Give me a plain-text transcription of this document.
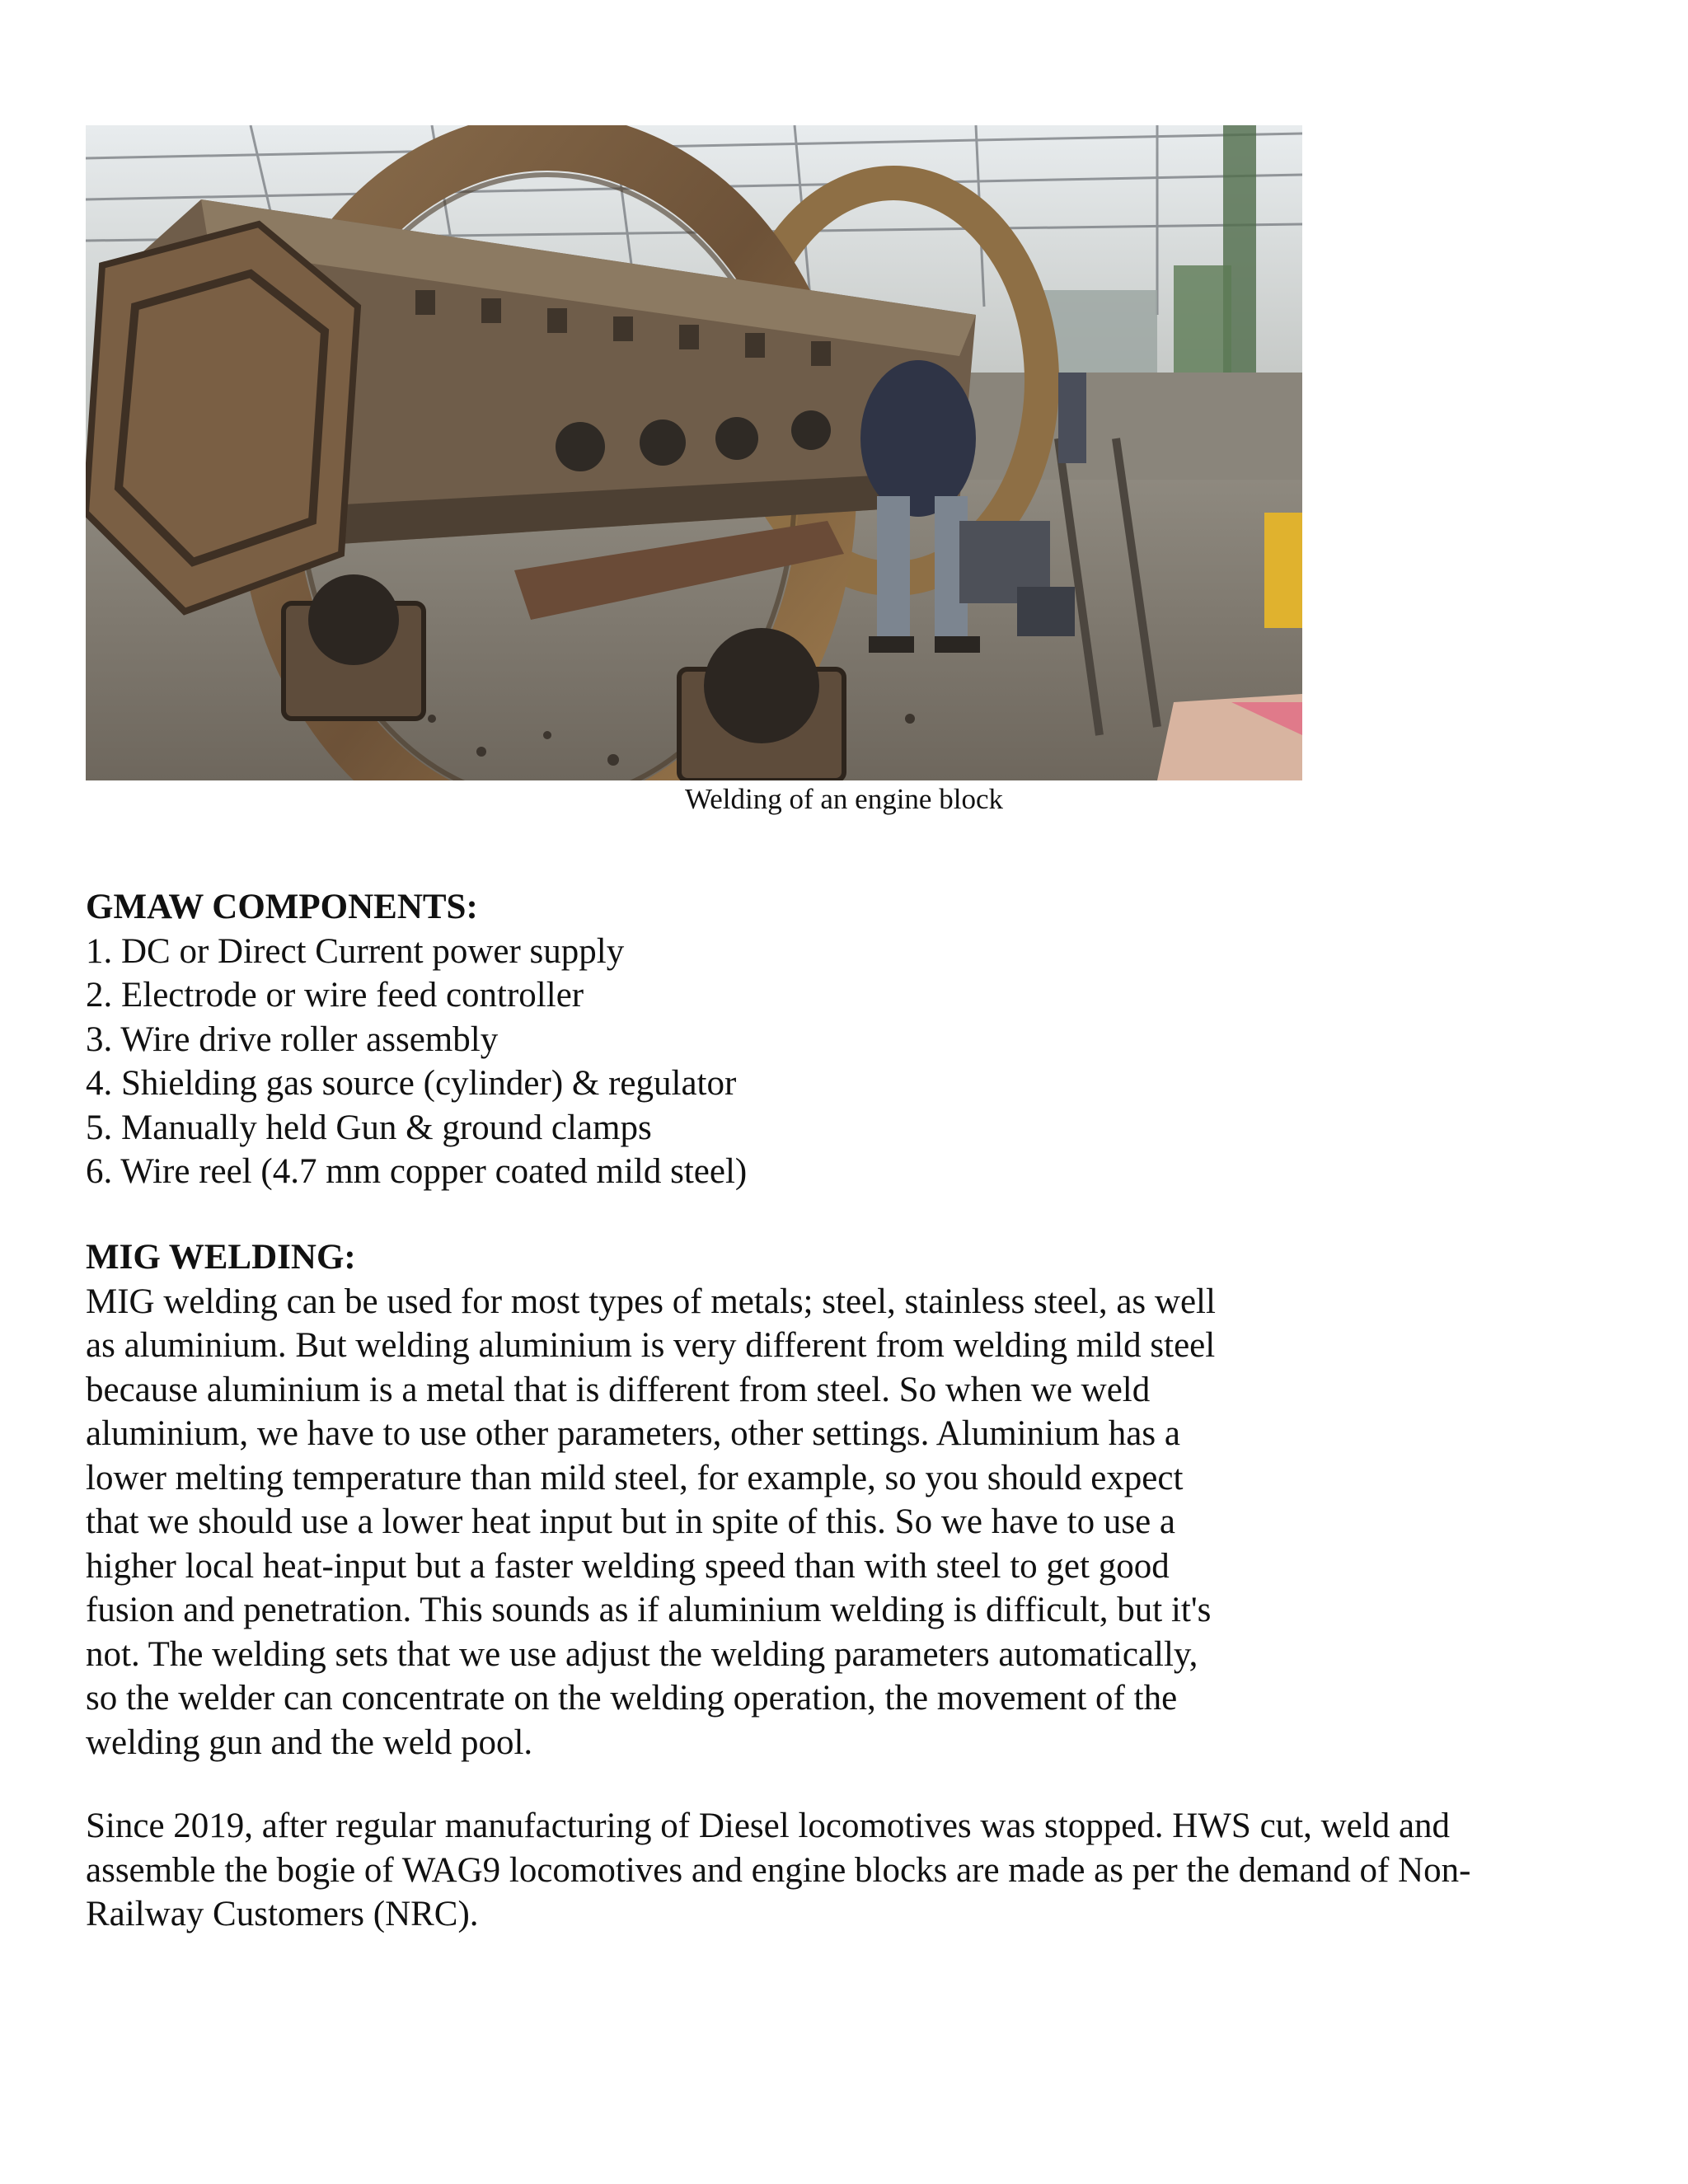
Welding of an engine block
GMAW COMPONENTS:
1. DC or Direct Current power supply
2. Electrode or wire feed controller
3. Wire drive roller assembly
4. Shielding gas source (cylinder) & regulator
5. Manually held Gun & ground clamps
6. Wire reel (4.7 mm copper coated mild steel)
MIG WELDING:
MIG welding can be used for most types of metals; steel, stainless steel, as well
as aluminium. But welding aluminium is very different from welding mild steel
because aluminium is a metal that is different from steel. So when we weld
aluminium, we have to use other parameters, other settings. Aluminium has a
lower melting temperature than mild steel, for example, so you should expect
that we should use a lower heat input but in spite of this. So we have to use a
higher local heat-input but a faster welding speed than with steel to get good
fusion and penetration. This sounds as if aluminium welding is difficult, but it's
not. The welding sets that we use adjust the welding parameters automatically,
so the welder can concentrate on the welding operation, the movement of the
welding gun and the weld pool.
Since 2019, after regular manufacturing of Diesel locomotives was stopped. HWS cut, weld and
assemble the bogie of WAG9 locomotives and engine blocks are made as per the demand of Non-
Railway Customers (NRC).
